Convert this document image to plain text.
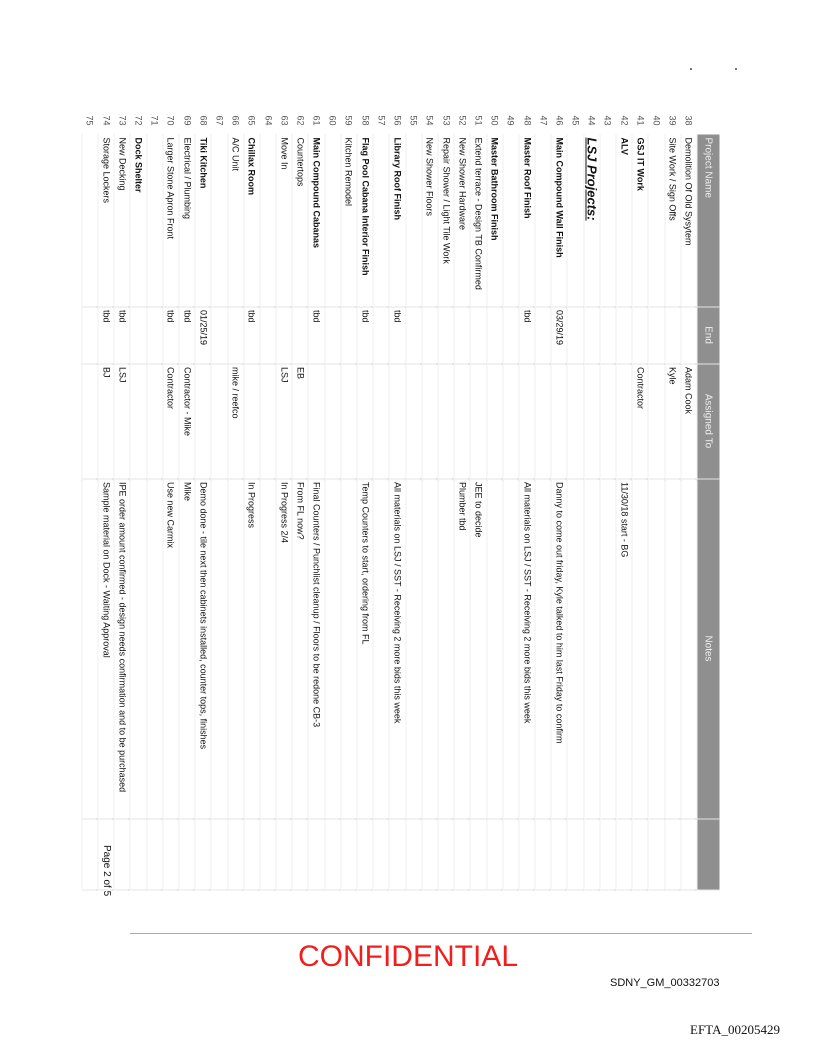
	Project Name	End	Assigned To	Notes	
38	Demolition Of Old Sysytem		Adam Cook		
39	Site Work / Sign Offs		Kyle		
40					
41	GSJ IT Work		Contractor		
42	ALV			11/30/18 start - BG	
43					
44	LSJ Projects:				
45					
46	Main Compound Wall Finish	03/29/19		Danny to come out friday, Kyle talked to him last Friday to confirm	
47					
48	Master Roof Finish	tbd		All materials on LSJ / SST - Receiving 2 more bids this week	
49					
50	Master Bathroom Finish				
51	Extend terrace - Design TB Confirmed			JEE to decide	
52	New Shower Hardware			Plumber tbd	
53	Repair Shower / Light Tile Work				
54	New Shower Floors				
55					
56	Library Roof Finish	tbd		All materials on LSJ / SST - Receiving 2 more bids this week	
57					
58	Flag Pool Cabana Interior Finish	tbd		Temp Counters to start, ordering from FL	
59	Kitchen Remodel				
60					
61	Main Compound Cabanas	tbd		Final Counters / Punchlist cleanup / Floors to be redone CB-3	
62	Countertops		EB	From FL now?	
63	Move In		LSJ	In Progress 2/4	
64					
65	Chillax Room	tbd		In Progress	
66	A/C Unit		mike / reefco		
67					
68	Tiki Kitchen	01/25/19		Demo done - tile next then cabinets installed, counter tops, finishes	
69	Electrical / Plumbing	tbd	Contractor - Mike	Mike	
70	Larger Stone Apron Front	tbd	Contractor	Use new Carmix	
71					
72	Dock Shelter				
73	New Decking	tbd	LSJ	IPE order amount confirmed - design needs confirmation and to be purchased	
74	Storage Lockers	tbd	BJ	Sample material on Dock - Waiting Approval	
75					
Page 2 of 5
CONFIDENTIAL
SDNY_GM_00332703
EFTA_00205429
